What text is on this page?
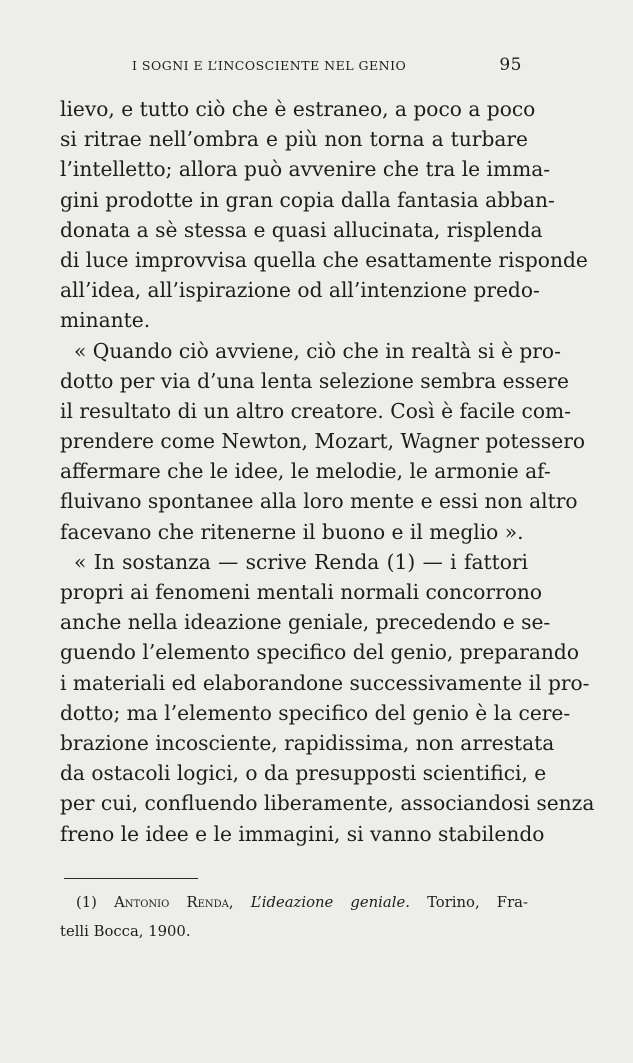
I SOGNI E L’INCOSCIENTE NEL GENIO	95
lievo, e tutto ciò che è estraneo, a poco a poco
si ritrae nell’ombra e più non torna a turbare
l’intelletto; allora può avvenire che tra le imma-
gini prodotte in gran copia dalla fantasia abban-
donata a sè stessa e quasi allucinata, risplenda
di luce improvvisa quella che esattamente risponde
all’idea, all’ispirazione od all’intenzione predo-
minante.
« Quando ciò avviene, ciò che in realtà si è pro-
dotto per via d’una lenta selezione sembra essere
il resultato di un altro creatore. Così è facile com-
prendere come Newton, Mozart, Wagner potessero
affermare che le idee, le melodie, le armonie af-
fluivano spontanee alla loro mente e essi non altro
facevano che ritenerne il buono e il meglio ».
« In sostanza — scrive Renda (1) — i fattori
propri ai fenomeni mentali normali concorrono
anche nella ideazione geniale, precedendo e se-
guendo l’elemento specifico del genio, preparando
i materiali ed elaborandone successivamente il pro-
dotto; ma l’elemento specifico del genio è la cere-
brazione incosciente, rapidissima, non arrestata
da ostacoli logici, o da presupposti scientifici, e
per cui, confluendo liberamente, associandosi senza
freno le idee e le immagini, si vanno stabilendo
(1) Antonio Renda, L’ideazione geniale. Torino, Fra-
telli Bocca, 1900.
